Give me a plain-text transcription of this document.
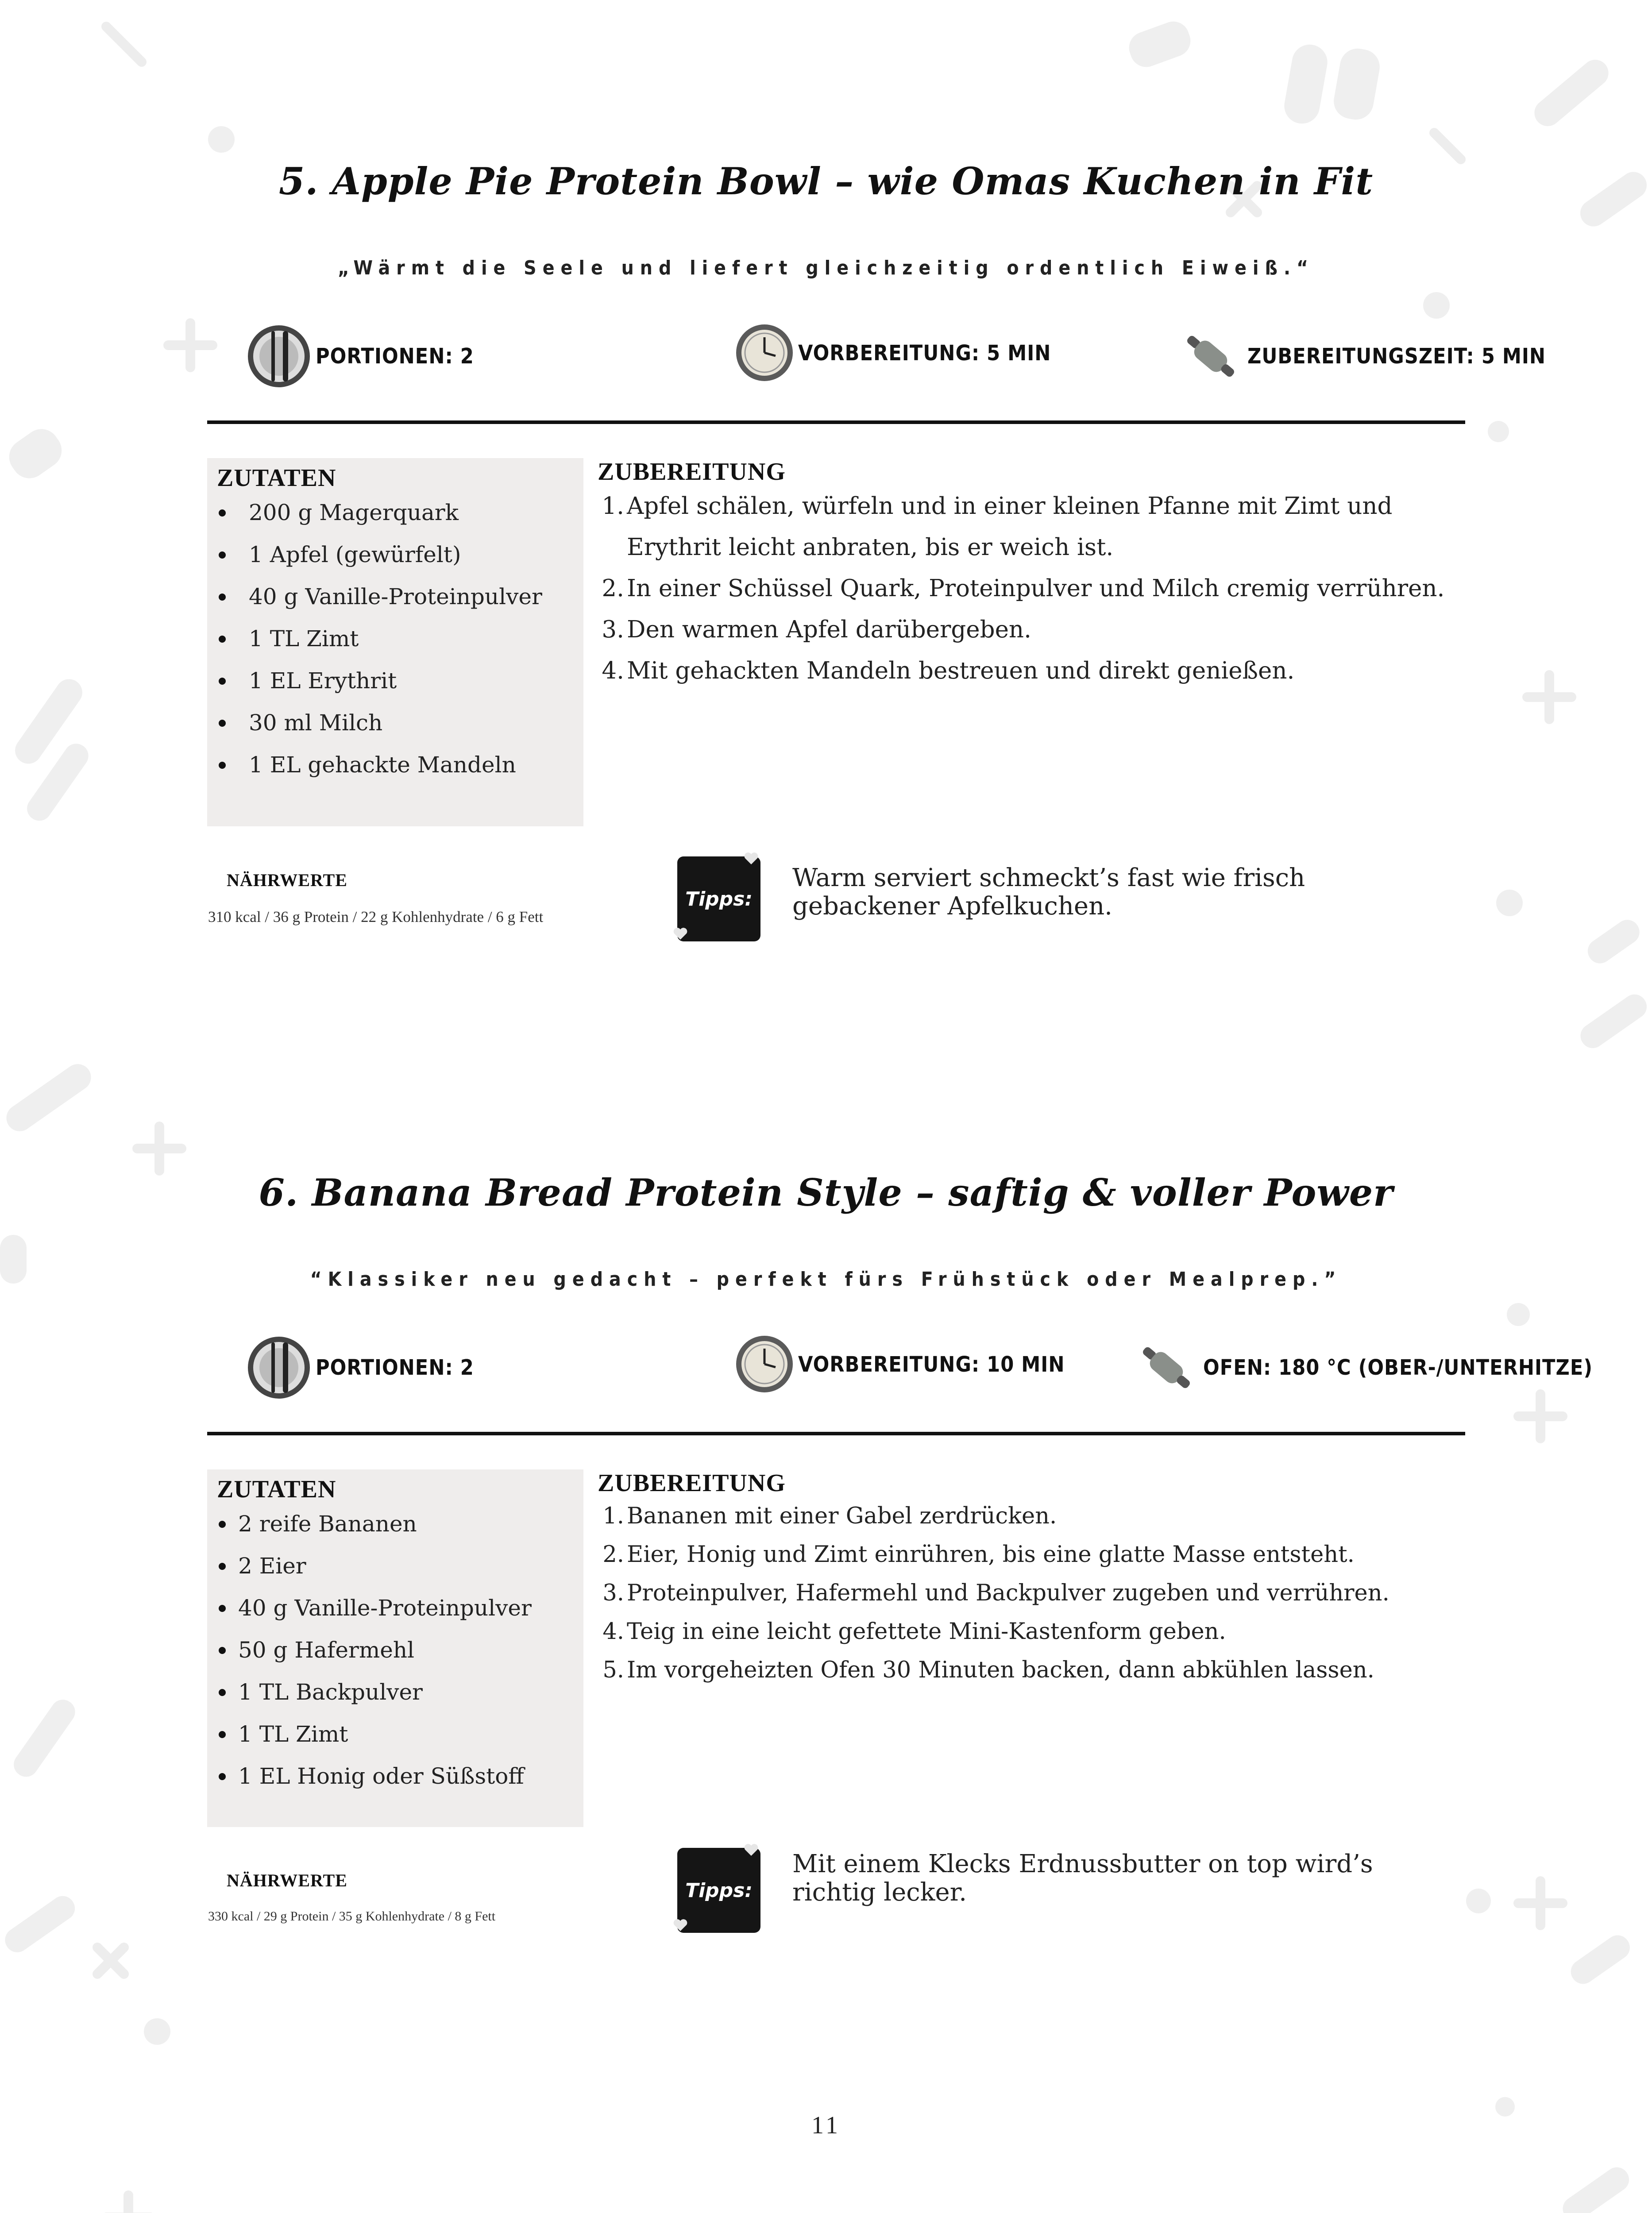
5. Apple Pie Protein Bowl – wie Omas Kuchen in Fit
„Wärmt die Seele und liefert gleichzeitig ordentlich Eiweiß.“
PORTIONEN: 2	VORBEREITUNG: 5 MIN	ZUBEREITUNGSZEIT: 5 MIN
ZUTATEN
200 g Magerquark
1 Apfel (gewürfelt)
40 g Vanille-Proteinpulver
1 TL Zimt
1 EL Erythrit
30 ml Milch
1 EL gehackte Mandeln
ZUBEREITUNG
1. Apfel schälen, würfeln und in einer kleinen Pfanne mit Zimt und Erythrit leicht anbraten, bis er weich ist.
2. In einer Schüssel Quark, Proteinpulver und Milch cremig verrühren.
3. Den warmen Apfel darübergeben.
4. Mit gehackten Mandeln bestreuen und direkt genießen.
NÄHRWERTE
310 kcal / 36 g Protein / 22 g Kohlenhydrate / 6 g Fett
Tipps:
Warm serviert schmeckt’s fast wie frisch gebackener Apfelkuchen.
6. Banana Bread Protein Style – saftig & voller Power
“Klassiker neu gedacht – perfekt fürs Frühstück oder Mealprep.”
PORTIONEN: 2	VORBEREITUNG: 10 MIN	OFEN: 180 °C (OBER-/UNTERHITZE)
ZUTATEN
2 reife Bananen
2 Eier
40 g Vanille-Proteinpulver
50 g Hafermehl
1 TL Backpulver
1 TL Zimt
1 EL Honig oder Süßstoff
ZUBEREITUNG
1. Bananen mit einer Gabel zerdrücken.
2. Eier, Honig und Zimt einrühren, bis eine glatte Masse entsteht.
3. Proteinpulver, Hafermehl und Backpulver zugeben und verrühren.
4. Teig in eine leicht gefettete Mini-Kastenform geben.
5. Im vorgeheizten Ofen 30 Minuten backen, dann abkühlen lassen.
NÄHRWERTE
330 kcal / 29 g Protein / 35 g Kohlenhydrate / 8 g Fett
Tipps:
Mit einem Klecks Erdnussbutter on top wird’s richtig lecker.
11
